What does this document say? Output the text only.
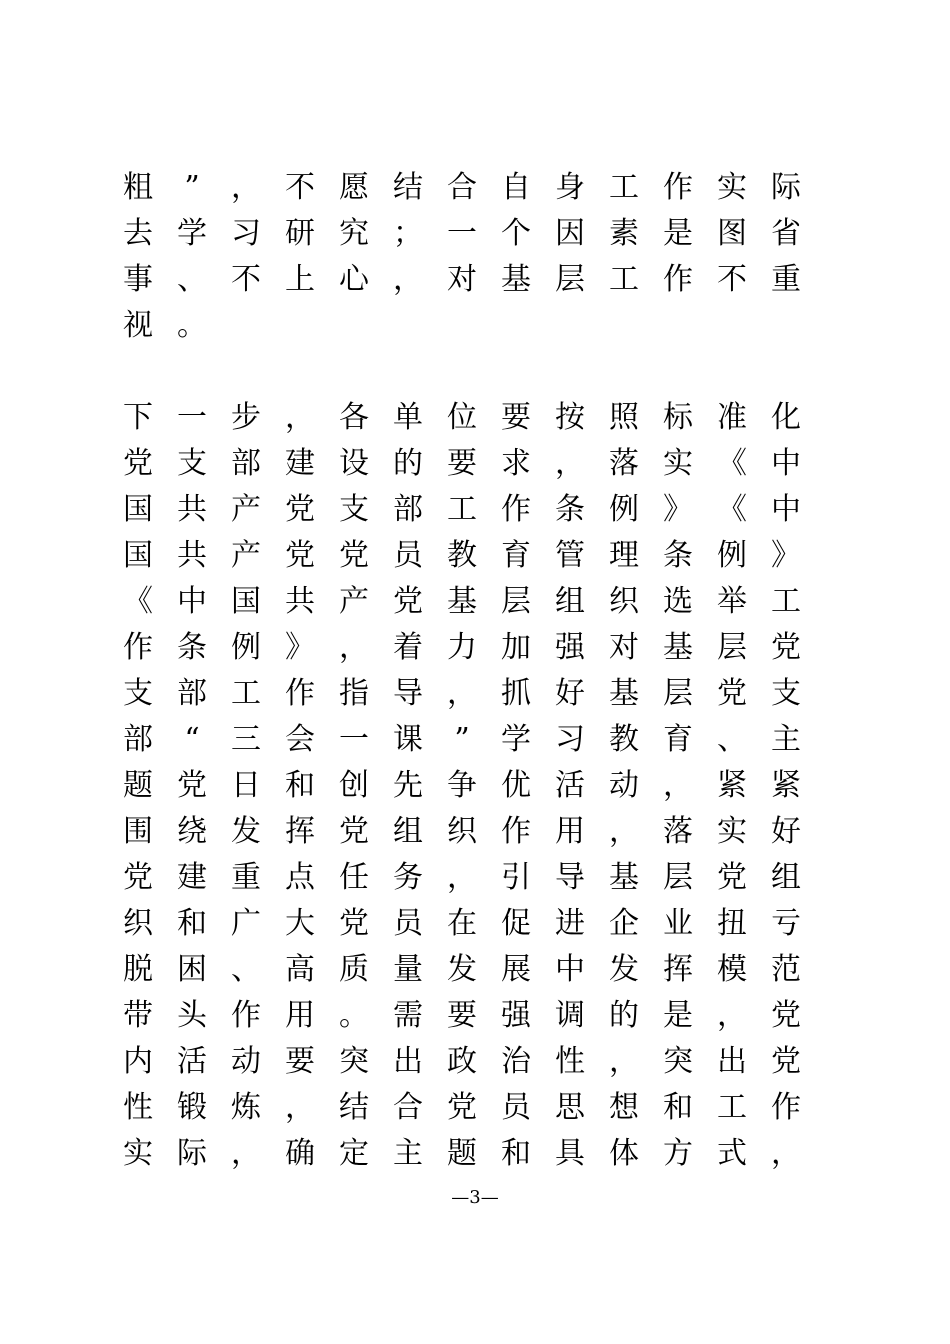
粗 ” ， 不 愿 结 合 自 身 工 作 实 际
去 学 习 研 究 ； 一 个 因 素 是 图 省
事 、 不 上 心 ， 对 基 层 工 作 不 重
视 。
下 一 步 ， 各 单 位 要 按 照 标 准 化
党 支 部 建 设 的 要 求 ， 落 实 《 中
国 共 产 党 支 部 工 作 条 例 》 《 中
国 共 产 党 党 员 教 育 管 理 条 例 》
《 中 国 共 产 党 基 层 组 织 选 举 工
作 条 例 》 ， 着 力 加 强 对 基 层 党
支 部 工 作 指 导 ， 抓 好 基 层 党 支
部 “ 三 会 一 课 ” 学 习 教 育 、 主
题 党 日 和 创 先 争 优 活 动 ， 紧 紧
围 绕 发 挥 党 组 织 作 用 ， 落 实 好
党 建 重 点 任 务 ， 引 导 基 层 党 组
织 和 广 大 党 员 在 促 进 企 业 扭 亏
脱 困 、 高 质 量 发 展 中 发 挥 模 范
带 头 作 用 。 需 要 强 调 的 是 ， 党
内 活 动 要 突 出 政 治 性 ， 突 出 党
性 锻 炼 ， 结 合 党 员 思 想 和 工 作
实 际 ， 确 定 主 题 和 具 体 方 式 ，
—3—
